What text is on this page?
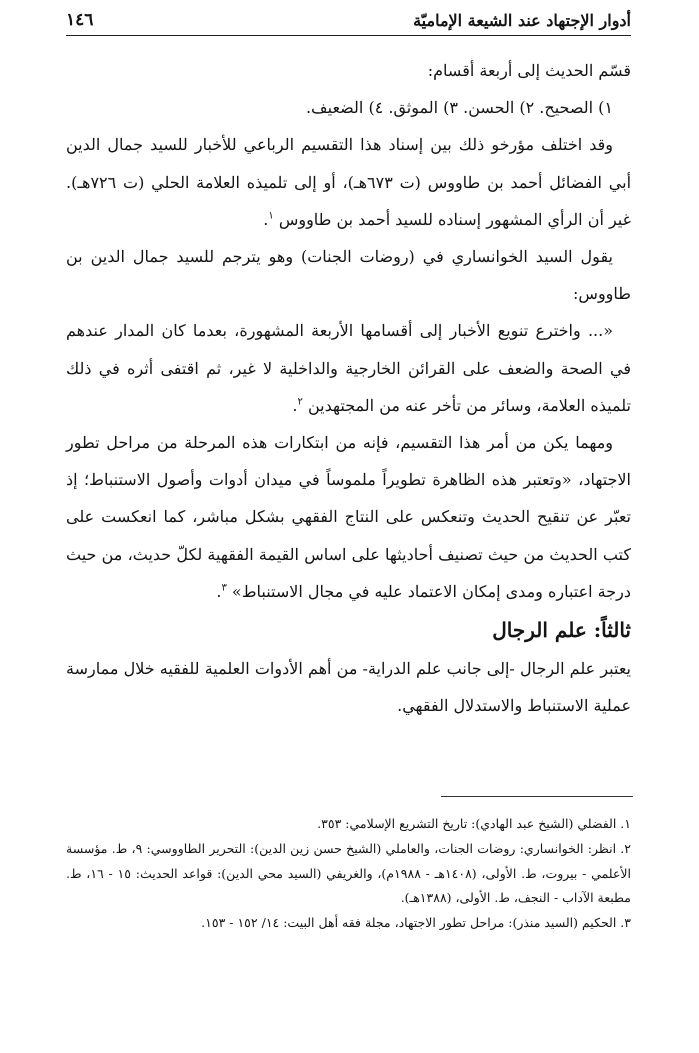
أدوار الإجتهاد عند الشيعة الإماميّة
١٤٦

قسّم الحديث إلى أربعة أقسام:

١) الصحيح. ٢) الحسن. ٣) الموثق. ٤) الضعيف.

وقد اختلف مؤرخو ذلك بين إسناد هذا التقسيم الرباعي للأخبار للسيد جمال الدين أبي الفضائل أحمد بن طاووس (ت ٦٧٣هـ)، أو إلى تلميذه العلامة الحلي (ت ٧٢٦هـ). غير أن الرأي المشهور إسناده للسيد أحمد بن طاووس $^١$.

يقول السيد الخوانساري في (روضات الجنات) وهو يترجم للسيد جمال الدين بن طاووس:

«... واخترع تنويع الأخبار إلى أقسامها الأربعة المشهورة، بعدما كان المدار عندهم في الصحة والضعف على القرائن الخارجية والداخلية لا غير، ثم اقتفى أثره في ذلك تلميذه العلامة، وسائر من تأخر عنه من المجتهدين $^٢$.

ومهما يكن من أمر هذا التقسيم، فإنه من ابتكارات هذه المرحلة من مراحل تطور الاجتهاد، «وتعتبر هذه الظاهرة تطويراً ملموساً في ميدان أدوات وأصول الاستنباط؛ إذ تعبّر عن تنقيح الحديث وتنعكس على النتاج الفقهي بشكل مباشر، كما انعكست على كتب الحديث من حيث تصنيف أحاديثها على اساس القيمة الفقهية لكلّ حديث، من حيث درجة اعتباره ومدى إمكان الاعتماد عليه في مجال الاستنباط» $^٣$.

ثالثاً: علم الرجال

يعتبر علم الرجال -إلى جانب علم الدراية- من أهم الأدوات العلمية للفقيه خلال ممارسة عملية الاستنباط والاستدلال الفقهي.

١. الفضلي (الشيخ عبد الهادي): تاريخ التشريع الإسلامي: ٣٥٣.

٢. انظر: الخوانساري: روضات الجنات، والعاملي (الشيخ حسن زين الدين): التحرير الطاووسي: ٩، ط. مؤسسة الأعلمي - بيروت، ط. الأولى، (١٤٠٨هـ - ١٩٨٨م)، والغريفي (السيد محي الدين): قواعد الحديث: ١٥ - ١٦، ط. مطبعة الآداب - النجف، ط. الأولى، (١٣٨٨هـ).

٣. الحكيم (السيد منذر): مراحل تطور الاجتهاد، مجلة فقه أهل البيت: ١٤/ ١٥٢ - ١٥٣.
